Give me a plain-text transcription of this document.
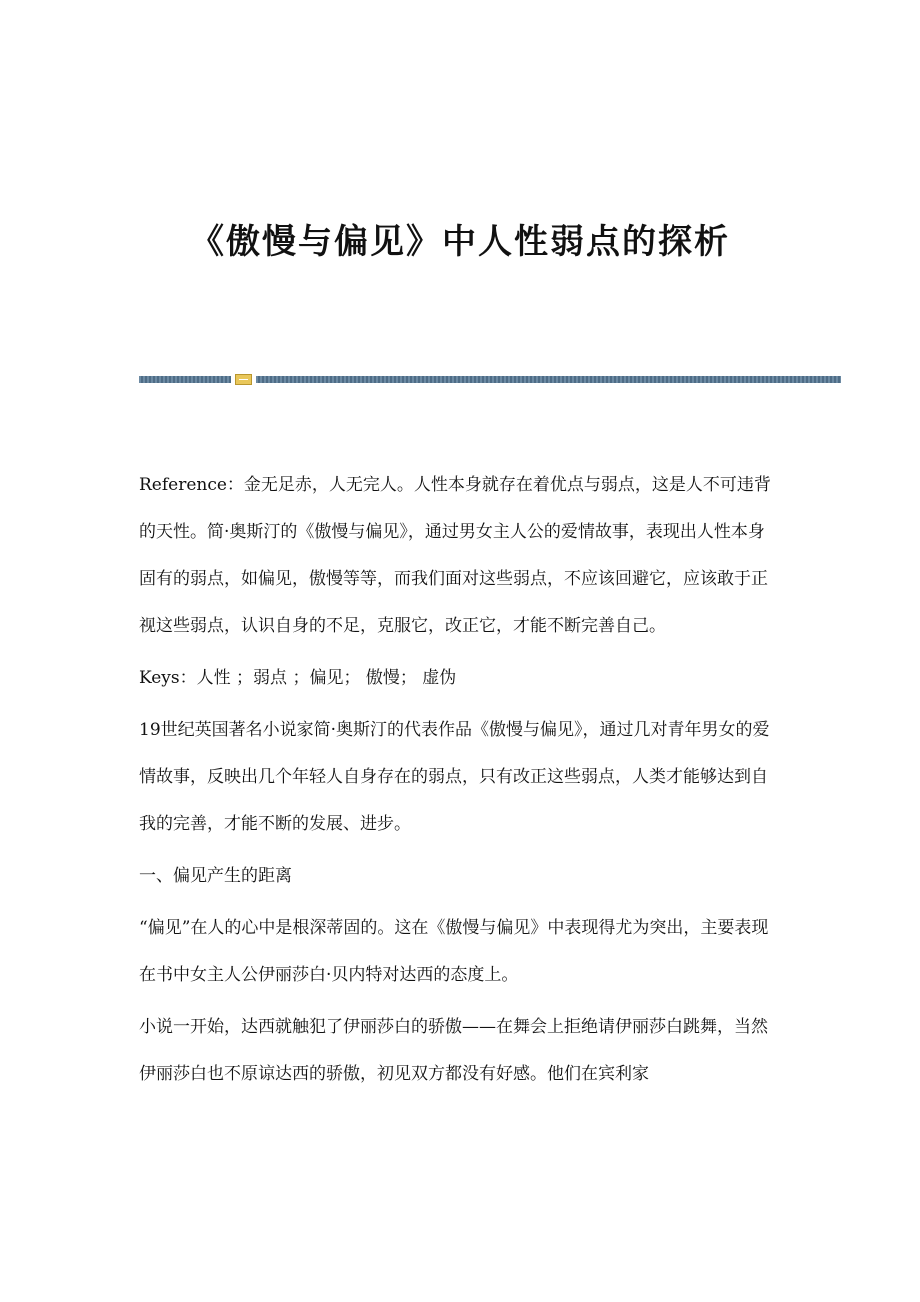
《傲慢与偏见》中人性弱点的探析

Reference：金无足赤，人无完人。人性本身就存在着优点与弱点，这是人不可违背的天性。简·奥斯汀的《傲慢与偏见》，通过男女主人公的爱情故事，表现出人性本身固有的弱点，如偏见，傲慢等等，而我们面对这些弱点，不应该回避它，应该敢于正视这些弱点，认识自身的不足，克服它，改正它，才能不断完善自己。

Keys：人性 ；弱点 ；偏见； 傲慢； 虚伪

19世纪英国著名小说家简·奥斯汀的代表作品《傲慢与偏见》，通过几对青年男女的爱情故事，反映出几个年轻人自身存在的弱点，只有改正这些弱点，人类才能够达到自我的完善，才能不断的发展、进步。

一、偏见产生的距离

“偏见”在人的心中是根深蒂固的。这在《傲慢与偏见》中表现得尤为突出，主要表现在书中女主人公伊丽莎白·贝内特对达西的态度上。

小说一开始，达西就触犯了伊丽莎白的骄傲——在舞会上拒绝请伊丽莎白跳舞，当然伊丽莎白也不原谅达西的骄傲，初见双方都没有好感。他们在宾利家
